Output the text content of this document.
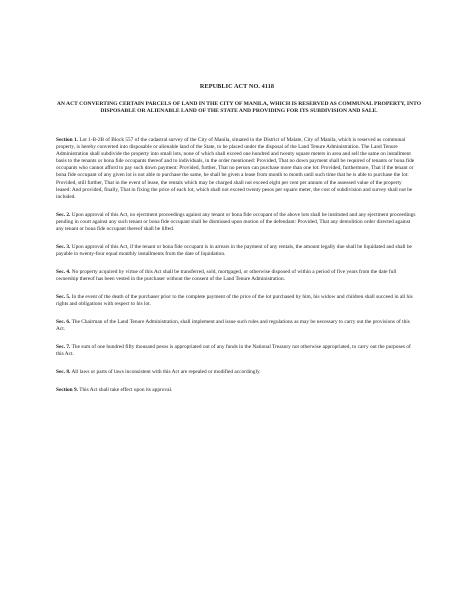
REPUBLIC ACT NO. 4118
AN ACT CONVERTING CERTAIN PARCELS OF LAND IN THE CITY OF MANILA, WHICH IS RESERVED AS COMMUNAL PROPERTY, INTO DISPOSABLE OR ALIENABLE LAND OF THE STATE AND PROVIDING FOR ITS SUBDIVISION AND SALE.

Section 1. Lot 1-B-2B of Block 557 of the cadastral survey of the City of Manila, situated in the District of Malate, City of Manila, which is reserved as communal property, is hereby converted into disposable or alienable land of the State, to be placed under the disposal of the Land Tenure Administration. The Land Tenure Administration shall subdivide the property into small lots, none of which shall exceed one hundred and twenty square meters in area and sell the same on installment basis to the tenants or bona fide occupants thereof and to individuals, in the order mentioned: Provided, That no down payment shall be required of tenants or bona fide occupants who cannot afford to pay such down payment: Provided, further, That no person can purchase more than one lot: Provided, furthermore, That if the tenant or bona fide occupant of any given lot is not able to purchase the same, he shall be given a lease from month to month until such time that he is able to purchase the lot: Provided, still further, That in the event of lease, the rentals which may be charged shall not exceed eight per cent per annum of the assessed value of the property leased: And provided, finally, That in fixing the price of each lot, which shall not exceed twenty pesos per square meter, the cost of subdivision and survey shall not be included.

Sec. 2. Upon approval of this Act, no ejectment proceedings against any tenant or bona fide occupant of the above lots shall be instituted and any ejectment proceedings pending in court against any such tenant or bona fide occupant shall be dismissed upon motion of the defendant: Provided, That any demolition order directed against any tenant or bona fide occupant thereof shall be lifted.

Sec. 3. Upon approval of this Act, if the tenant or bona fide occupant is in arrears in the payment of any rentals, the amount legally due shall be liquidated and shall be payable in twenty-four equal monthly installments from the date of liquidation.

Sec. 4. No property acquired by virtue of this Act shall be transferred, sold, mortgaged, or otherwise disposed of within a period of five years from the date full ownership thereof has been vested in the purchaser without the consent of the Land Tenure Administration.

Sec. 5. In the event of the death of the purchaser prior to the complete payment of the price of the lot purchased by him, his widow and children shall succeed in all his rights and obligations with respect to his lot.

Sec. 6. The Chairman of the Land Tenure Administration, shall implement and issue such rules and regulations as may be necessary to carry out the provisions of this Act.

Sec. 7. The sum of one hundred fifty thousand pesos is appropriated out of any funds in the National Treasury not otherwise appropriated, to carry out the purposes of this Act.

Sec. 8. All laws or parts of laws inconsistent with this Act are repealed or modified accordingly.

Section 9. This Act shall take effect upon its approval.
